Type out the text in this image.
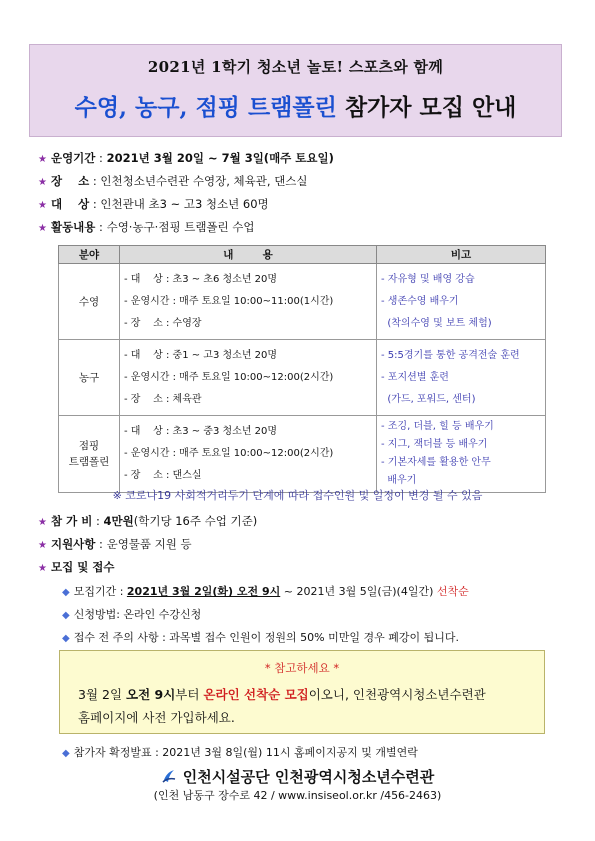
2021년 1학기 청소년 놀토! 스포츠와 함께
수영, 농구, 점핑 트램폴린 참가자 모집 안내
★ 운영기간 : 2021년 3월 20일 ~ 7월 3일(매주 토요일)
★ 장    소 : 인천청소년수련관 수영장, 체육관, 댄스실
★ 대    상 : 인천관내 초3 ~ 고3 청소년 60명
★ 활동내용 : 수영·농구·점핑 트램폴린 수업
분야	내        용	비고
수영	- 대    상 : 초3 ~ 초6 청소년 20명
- 운영시간 : 매주 토요일 10:00~11:00(1시간)
- 장    소 : 수영장	- 자유형 및 배영 강습
- 생존수영 배우기
(착의수영 및 보트 체험)

농구	- 대    상 : 중1 ~ 고3 청소년 20명
- 운영시간 : 매주 토요일 10:00~12:00(2시간)
- 장    소 : 체육관	- 5:5경기를 통한 공격전술 훈련
- 포지션별 훈련
(가드, 포워드, 센터)

점핑
트램폴린	- 대    상 : 초3 ~ 중3 청소년 20명
- 운영시간 : 매주 토요일 10:00~12:00(2시간)
- 장    소 : 댄스실	- 조깅, 더블, 힐 등 배우기
- 지그, 잭더블 등 배우기
- 기본자세를 활용한 안무
배우기
※ 코로나19 사회적거리두기 단계에 따라 접수인원 및 일정이 변경 될 수 있음
★ 참 가 비 : 4만원(학기당 16주 수업 기준)
★ 지원사항 : 운영물품 지원 등
★ 모집 및 접수
◆ 모집기간 : 2021년 3월 2일(화) 오전 9시 ~ 2021년 3월 5일(금)(4일간) 선착순
◆ 신청방법: 온라인 수강신청
◆ 접수 전 주의 사항 : 과목별 접수 인원이 정원의 50% 미만일 경우 폐강이 됩니다.
* 참고하세요 *
3월 2일 오전 9시부터 온라인 선착순 모집이오니, 인천광역시청소년수련관
홈페이지에 사전 가입하세요.
◆ 참가자 확정발표 : 2021년 3월 8일(월) 11시 홈페이지공지 및 개별연락
인천시설공단 인천광역시청소년수련관
(인천 남동구 장수로 42 / www.insiseol.or.kr /456-2463)
